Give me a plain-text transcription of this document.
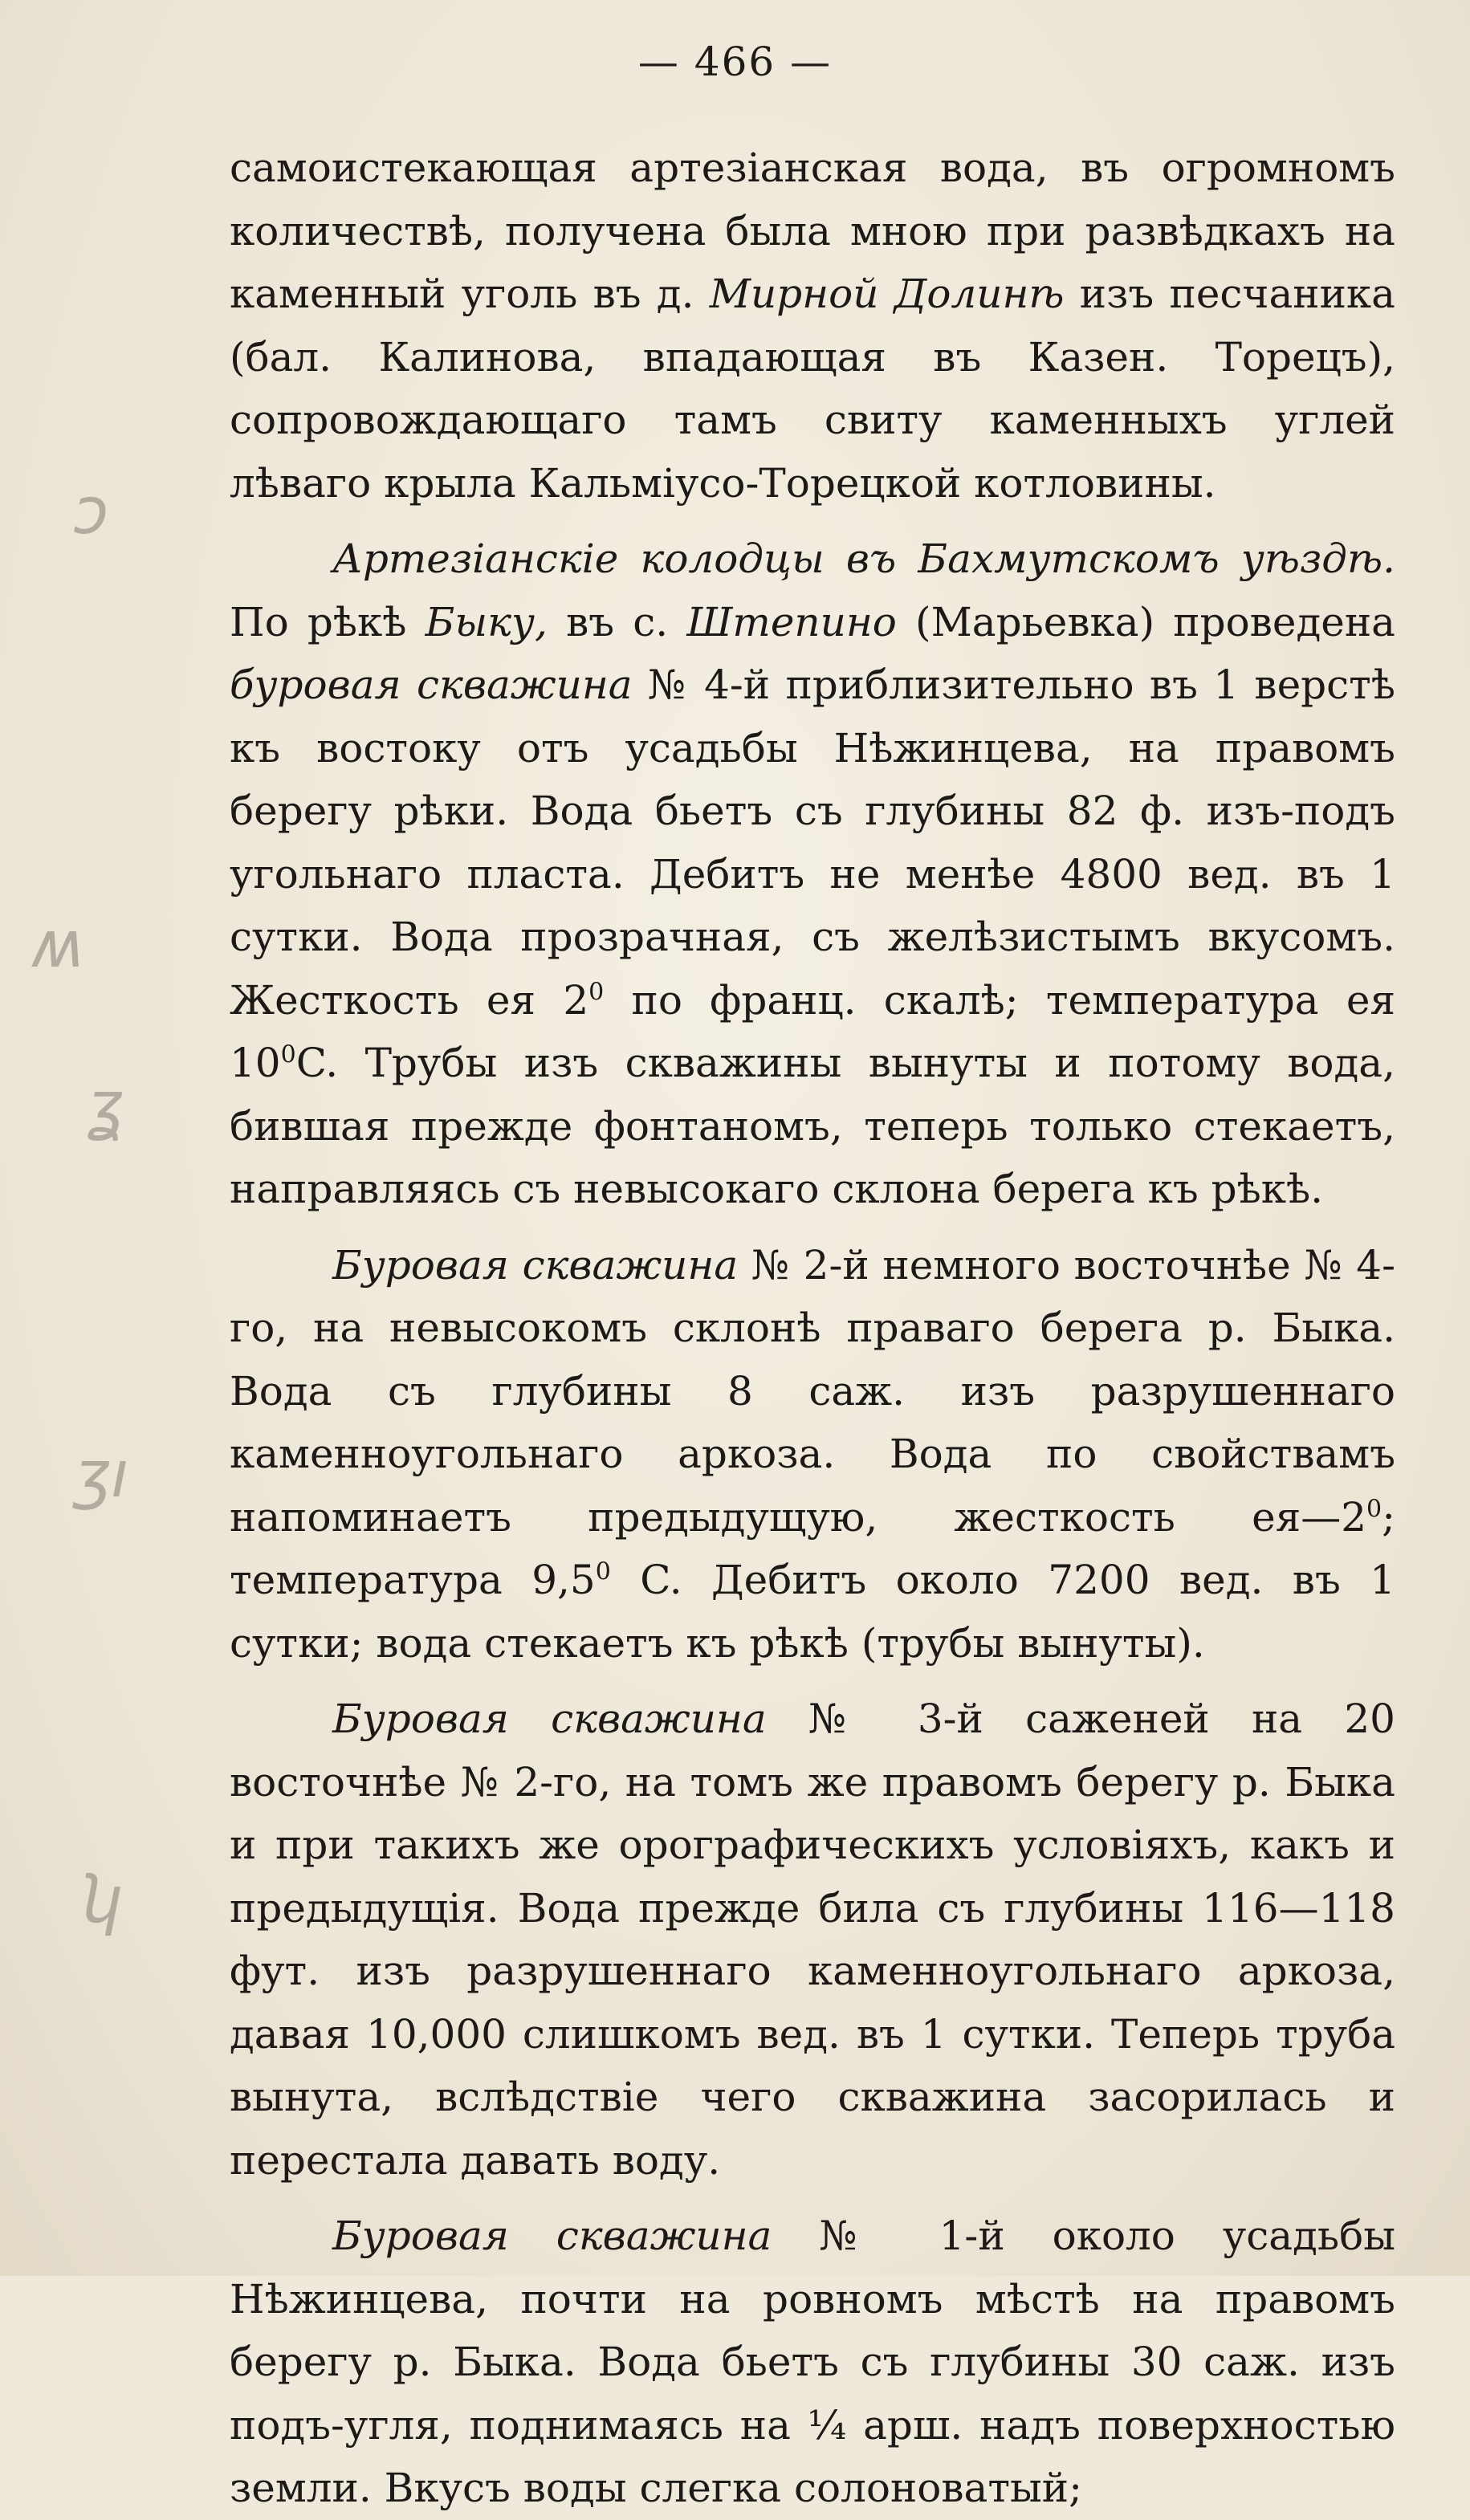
— 466 —

самоистекающая артезіанская вода, въ огромномъ количествѣ, получена была мною при развѣдкахъ на каменный уголь въ д. Мирной Долинѣ изъ песчаника (бал. Калинова, впадающая въ Казен. Торецъ), сопровождающаго тамъ свиту каменныхъ углей лѣваго крыла Кальміусо-Торецкой котловины.

Артезіанскіе колодцы въ Бахмутскомъ уѣздѣ. По рѣкѣ Быку, въ с. Штепино (Марьевка) проведена буровая скважина № 4-й приблизительно въ 1 верстѣ къ востоку отъ усадьбы Нѣжинцева, на правомъ берегу рѣки. Вода бьетъ съ глубины 82 ф. изъ-подъ угольнаго пласта. Дебитъ не менѣе 4800 вед. въ 1 сутки. Вода прозрачная, съ желѣзистымъ вкусомъ. Жесткость ея $2^0$ по франц. скалѣ; температура ея $10^0C$. Трубы изъ скважины вынуты и потому вода, бившая прежде фонтаномъ, теперь только стекаетъ, направляясь съ невысокаго склона берега къ рѣкѣ.

Буровая скважина № 2-й немного восточнѣе № 4-го, на невысокомъ склонѣ праваго берега р. Быка. Вода съ глубины 8 саж. изъ разрушеннаго каменноугольнаго аркоза. Вода по свойствамъ напоминаетъ предыдущую, жесткость $ея—2^0$; температура $9,5^0$ C. Дебитъ около 7200 вед. въ 1 сутки; вода стекаетъ къ рѣкѣ (трубы вынуты).

Буровая скважина № 3-й саженей на 20 восточнѣе № 2-го, на томъ же правомъ берегу р. Быка и при такихъ же орографическихъ условіяхъ, какъ и предыдущія. Вода прежде била съ глубины 116—118 фут. изъ разрушеннаго каменноугольнаго аркоза, давая 10,000 слишкомъ вед. въ 1 сутки. Теперь труба вынута, вслѣдствіе чего скважина засорилась и перестала давать воду.

Буровая скважина № 1-й около усадьбы Нѣжинцева, почти на ровномъ мѣстѣ на правомъ берегу р. Быка. Вода бьетъ съ глубины 30 саж. изъ подъ-угля, поднимаясь на ¼ арш. надъ поверхностью земли. Вкусъ воды слегка солоноватый;

ↄ
ʍ
ʓ
ʒı
ʮ
